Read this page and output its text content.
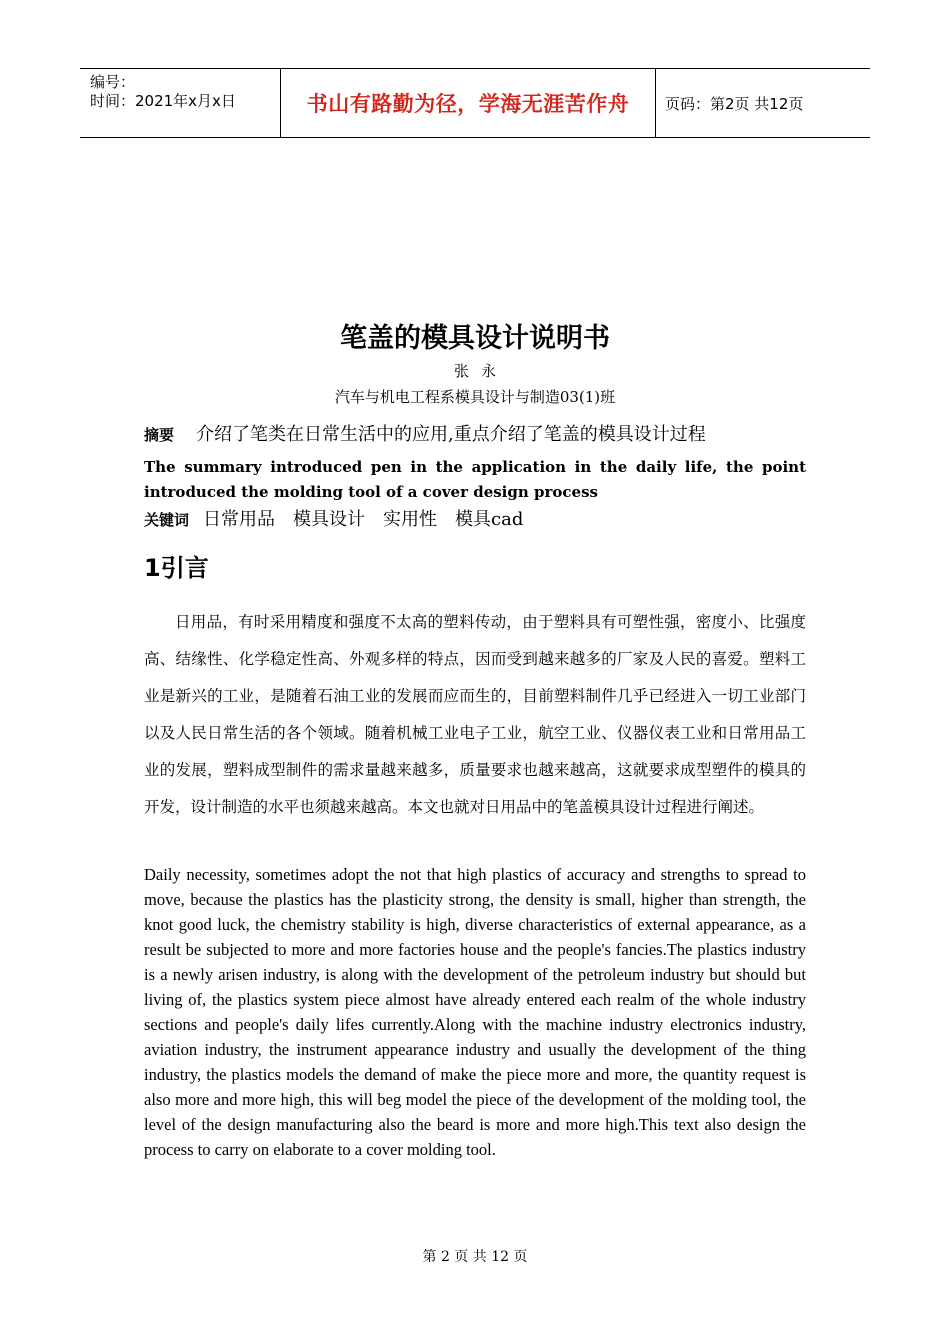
编号：
时间：2021年x月x日	书山有路勤为径，学海无涯苦作舟 页码：第2页 共12页
笔盖的模具设计说明书
张永
汽车与机电工程系模具设计与制造03(1)班
摘要 介绍了笔类在日常生活中的应用,重点介绍了笔盖的模具设计过程
The summary introduced pen in the application in the daily life, the point introduced the molding tool of a cover design process
关键词 日常用品 模具设计 实用性 模具cad
1引言
日用品，有时采用精度和强度不太高的塑料传动，由于塑料具有可塑性强，密度小、比强度高、结缘性、化学稳定性高、外观多样的特点，因而受到越来越多的厂家及人民的喜爱。塑料工业是新兴的工业，是随着石油工业的发展而应而生的，目前塑料制件几乎已经进入一切工业部门以及人民日常生活的各个领域。随着机械工业电子工业，航空工业、仪器仪表工业和日常用品工业的发展，塑料成型制件的需求量越来越多，质量要求也越来越高，这就要求成型塑件的模具的开发，设计制造的水平也须越来越高。本文也就对日用品中的笔盖模具设计过程进行阐述。
Daily necessity, sometimes adopt the not that high plastics of accuracy and strengths to spread to move, because the plastics has the plasticity strong, the density is small, higher than strength, the knot good luck, the chemistry stability is high, diverse characteristics of external appearance, as a result be subjected to more and more factories house and the people's fancies.The plastics industry is a newly arisen industry, is along with the development of the petroleum industry but should but living of, the plastics system piece almost have already entered each realm of the whole industry sections and people's daily lifes currently.Along with the machine industry electronics industry, aviation industry, the instrument appearance industry and usually the development of the thing industry, the plastics models the demand of make the piece more and more, the quantity request is also more and more high, this will beg model the piece of the development of the molding tool, the level of the design manufacturing also the beard is more and more high.This text also design the process to carry on elaborate to a cover molding tool.
第 2 页 共 12 页
